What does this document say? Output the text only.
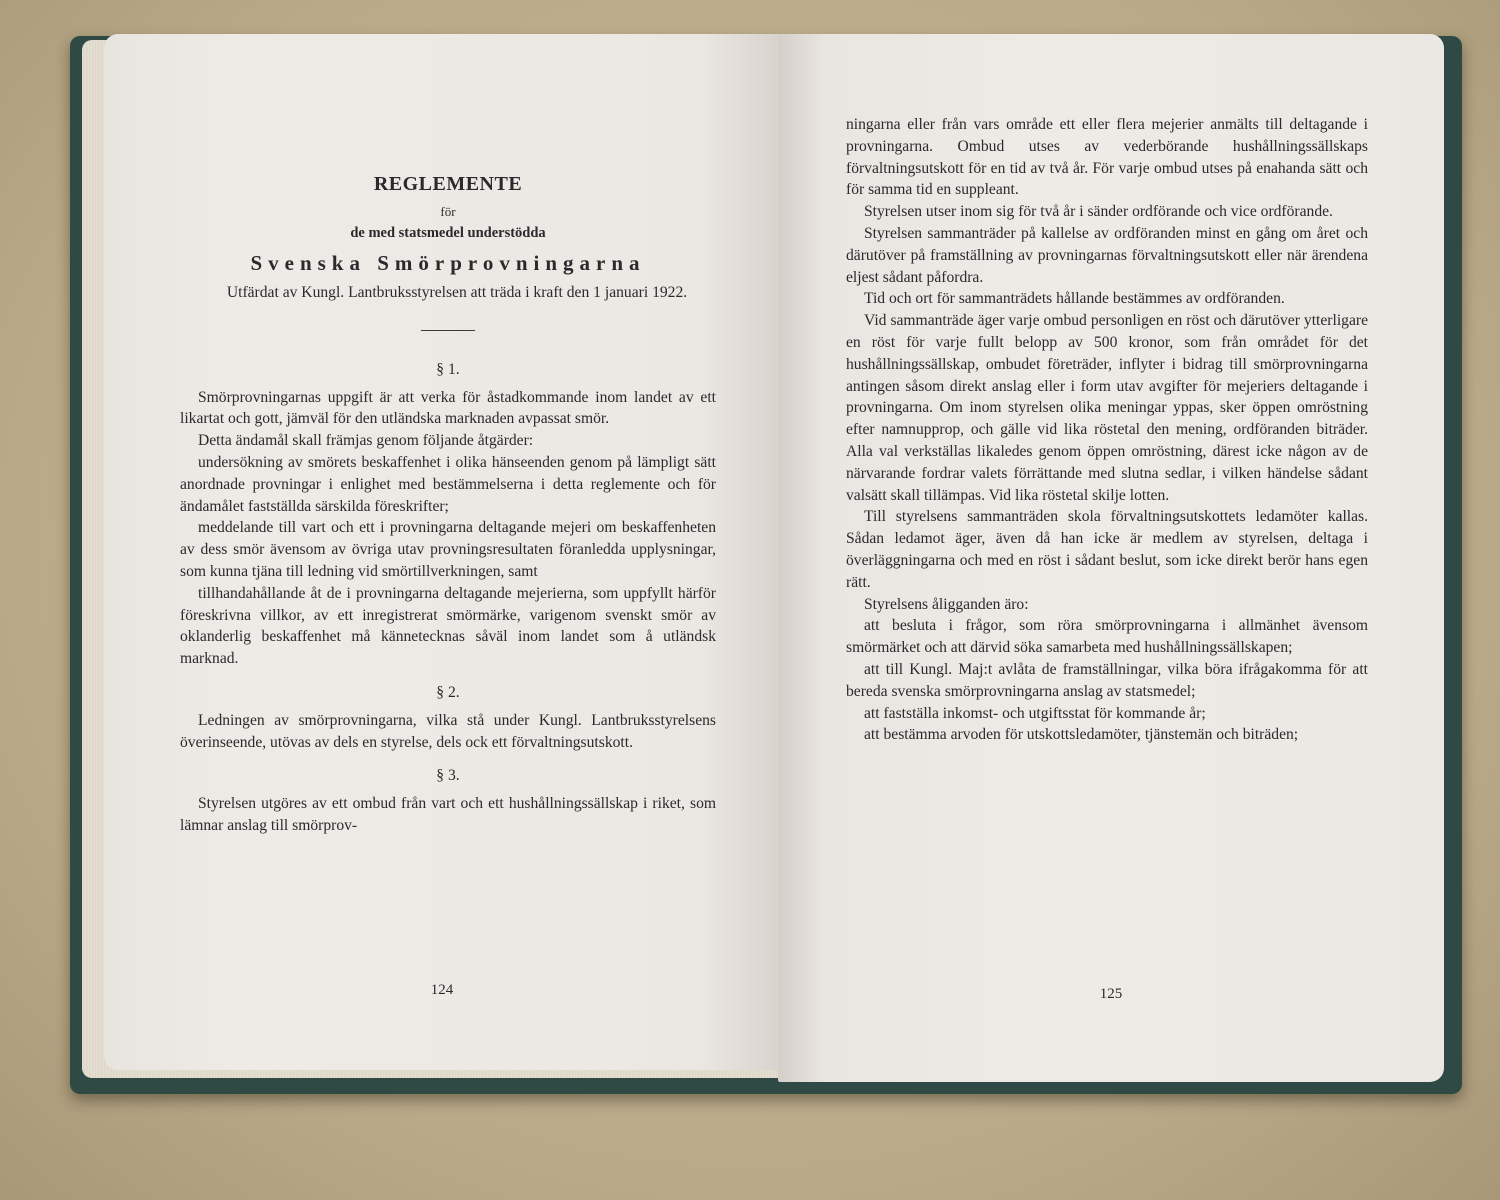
REGLEMENTE

för

de med statsmedel understödda

Svenska Smörprovningarna

Utfärdat av Kungl. Lantbruksstyrelsen att träda i kraft den 1 januari 1922.

§ 1.

Smörprovningarnas uppgift är att verka för åstadkommande inom landet av ett likartat och gott, jämväl för den utländska marknaden avpassat smör.

Detta ändamål skall främjas genom följande åtgärder:

undersökning av smörets beskaffenhet i olika hänseenden genom på lämpligt sätt anordnade provningar i enlighet med bestämmelserna i detta reglemente och för ändamålet fastställda särskilda föreskrifter;

meddelande till vart och ett i provningarna deltagande mejeri om beskaffenheten av dess smör ävensom av övriga utav provningsresultaten föranledda upplysningar, som kunna tjäna till ledning vid smörtillverkningen, samt

tillhandahållande åt de i provningarna deltagande mejerierna, som uppfyllt härför föreskrivna villkor, av ett inregistrerat smörmärke, varigenom svenskt smör av oklanderlig beskaffenhet må kännetecknas såväl inom landet som å utländsk marknad.

§ 2.

Ledningen av smörprovningarna, vilka stå under Kungl. Lantbruksstyrelsens överinseende, utövas av dels en styrelse, dels ock ett förvaltningsutskott.

§ 3.

Styrelsen utgöres av ett ombud från vart och ett hushållningssällskap i riket, som lämnar anslag till smörprov-

124

ningarna eller från vars område ett eller flera mejerier anmälts till deltagande i provningarna. Ombud utses av vederbörande hushållningssällskaps förvaltningsutskott för en tid av två år. För varje ombud utses på enahanda sätt och för samma tid en suppleant.

Styrelsen utser inom sig för två år i sänder ordförande och vice ordförande.

Styrelsen sammanträder på kallelse av ordföranden minst en gång om året och därutöver på framställning av provningarnas förvaltningsutskott eller när ärendena eljest sådant påfordra.

Tid och ort för sammanträdets hållande bestämmes av ordföranden.

Vid sammanträde äger varje ombud personligen en röst och därutöver ytterligare en röst för varje fullt belopp av 500 kronor, som från området för det hushållningssällskap, ombudet företräder, inflyter i bidrag till smörprovningarna antingen såsom direkt anslag eller i form utav avgifter för mejeriers deltagande i provningarna. Om inom styrelsen olika meningar yppas, sker öppen omröstning efter namnupprop, och gälle vid lika röstetal den mening, ordföranden biträder. Alla val verkställas likaledes genom öppen omröstning, därest icke någon av de närvarande fordrar valets förrättande med slutna sedlar, i vilken händelse sådant valsätt skall tillämpas. Vid lika röstetal skilje lotten.

Till styrelsens sammanträden skola förvaltningsutskottets ledamöter kallas. Sådan ledamot äger, även då han icke är medlem av styrelsen, deltaga i överläggningarna och med en röst i sådant beslut, som icke direkt berör hans egen rätt.

Styrelsens åligganden äro:

att besluta i frågor, som röra smörprovningarna i allmänhet ävensom smörmärket och att därvid söka samarbeta med hushållningssällskapen;

att till Kungl. Maj:t avlåta de framställningar, vilka böra ifrågakomma för att bereda svenska smörprovningarna anslag av statsmedel;

att fastställa inkomst- och utgiftsstat för kommande år;

att bestämma arvoden för utskottsledamöter, tjänstemän och biträden;

125
